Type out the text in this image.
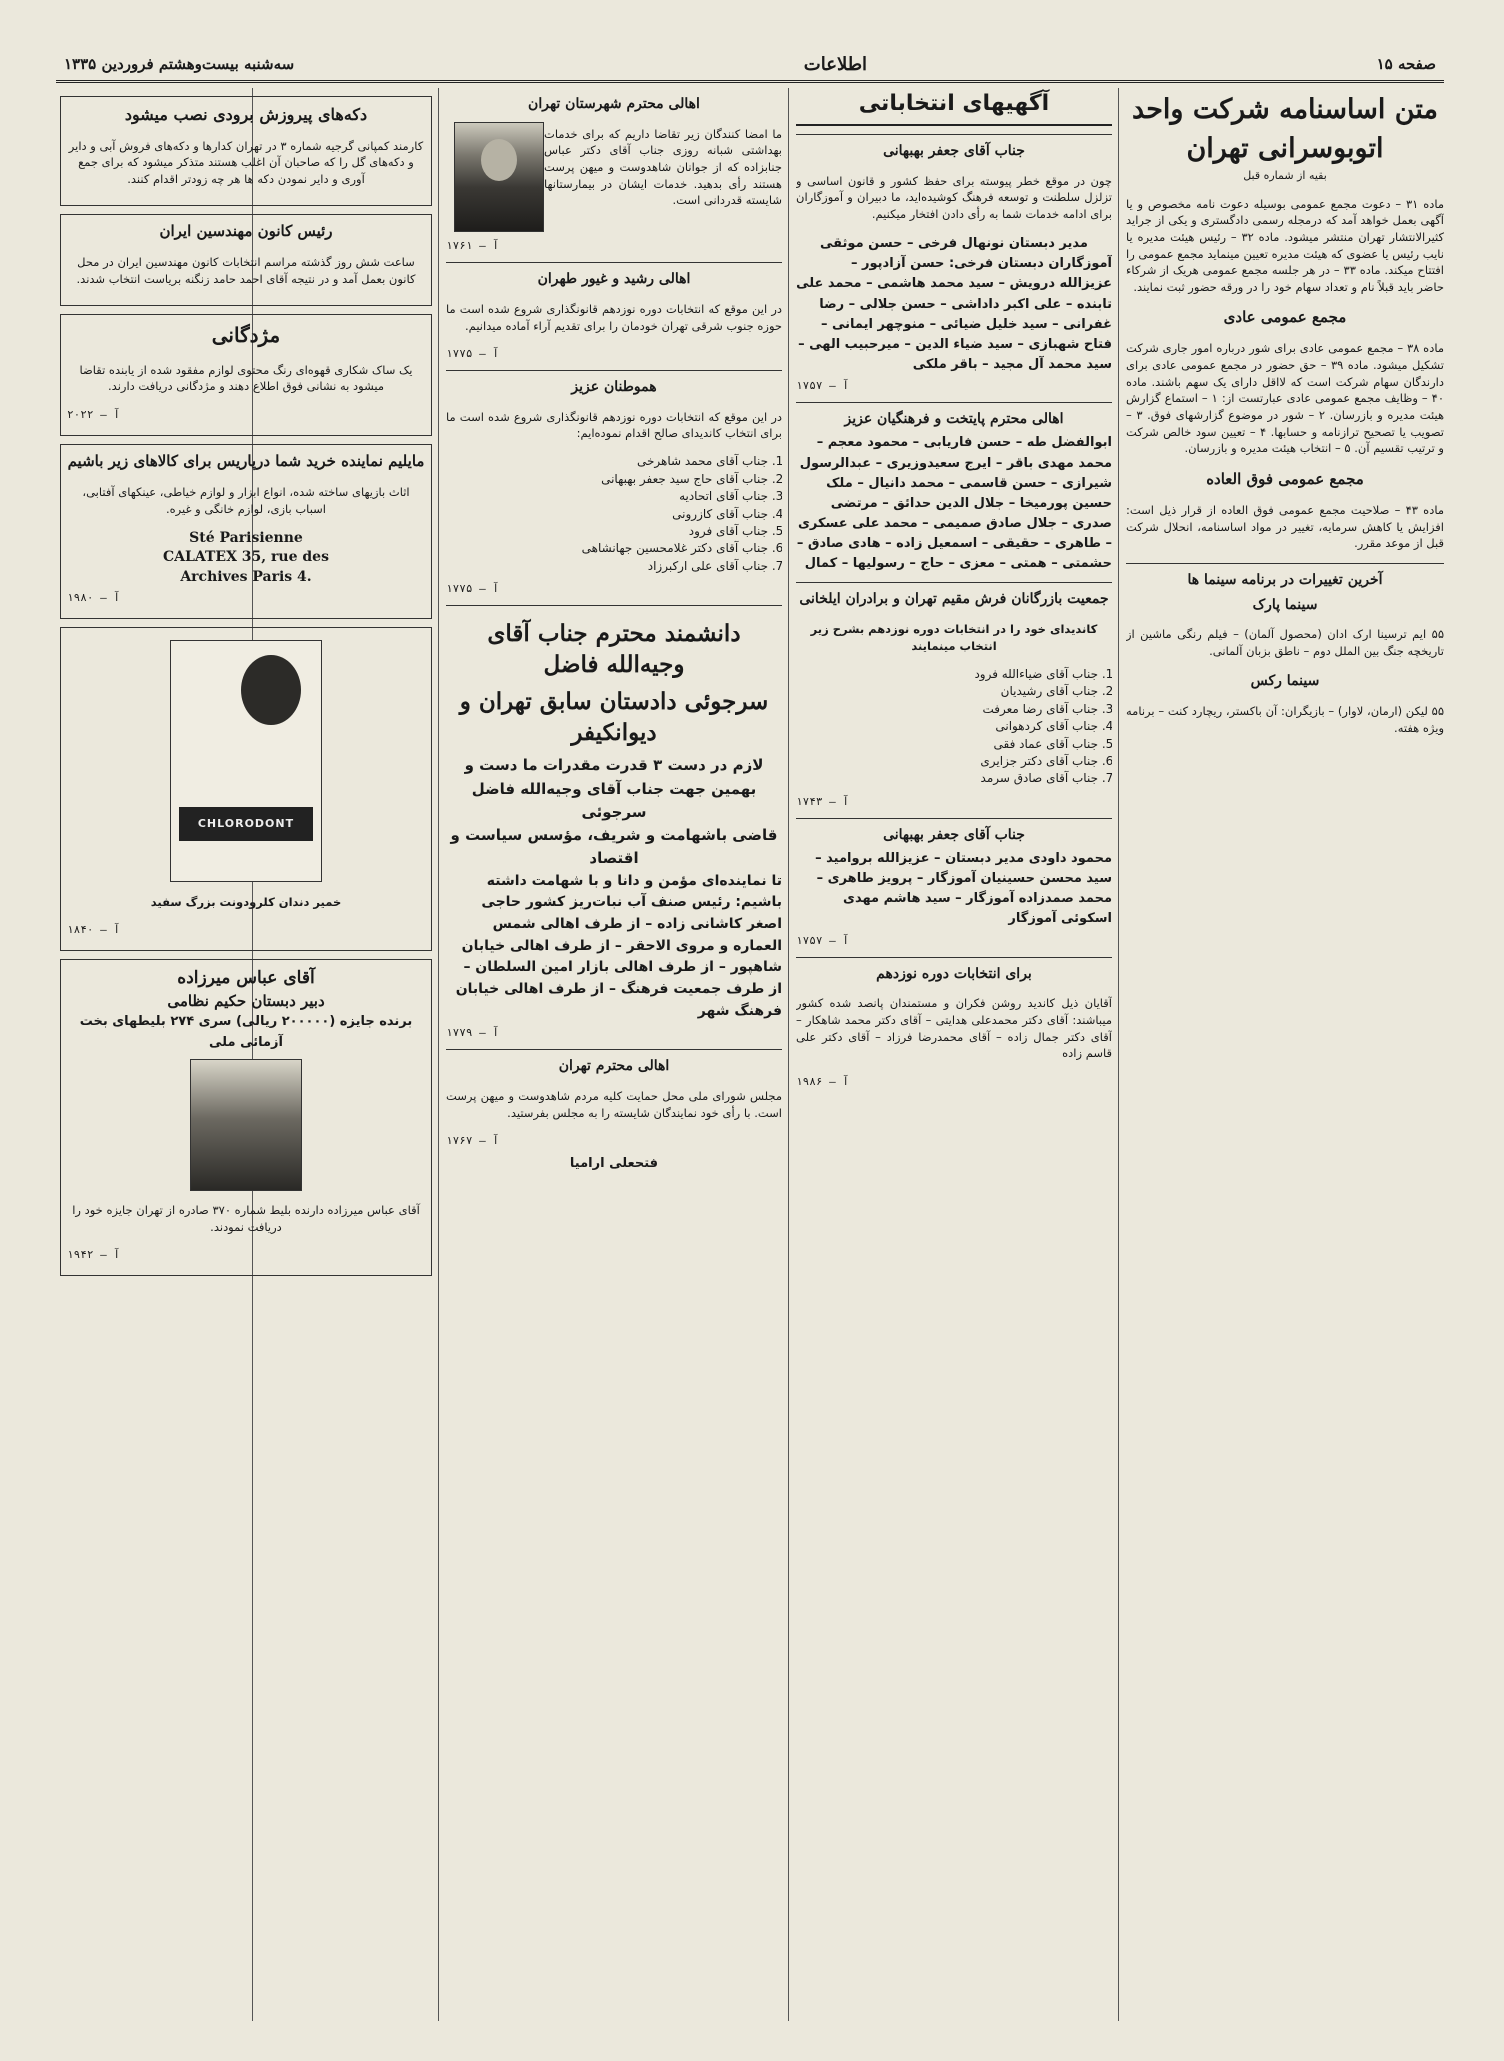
صفحه ۱۵
اطلاعات
سه‌شنبه بیست‌وهشتم فروردین ۱۳۳۵
متن اساسنامه شرکت واحد
اتوبوسرانی تهران
بقیه از شماره قبل

ماده ۳۱ – دعوت مجمع عمومی بوسیله دعوت نامه مخصوص و یا آگهی بعمل خواهد آمد که درمجله رسمی دادگستری و یکی از جراید کثیرالانتشار تهران منتشر میشود. ماده ۳۲ – رئیس هیئت مدیره یا نایب رئیس یا عضوی که هیئت مدیره تعیین مینماید مجمع عمومی را افتتاح میکند. ماده ۳۳ – در هر جلسه مجمع عمومی هریک از شرکاء حاضر باید قبلاً نام و تعداد سهام خود را در ورقه حضور ثبت نمایند.

مجمع عمومی عادی

ماده ۳۸ – مجمع عمومی عادی برای شور درباره امور جاری شرکت تشکیل میشود. ماده ۳۹ – حق حضور در مجمع عمومی عادی برای دارندگان سهام شرکت است که لااقل دارای یک سهم باشند. ماده ۴۰ – وظایف مجمع عمومی عادی عبارتست از: ۱ – استماع گزارش هیئت مدیره و بازرسان. ۲ – شور در موضوع گزارشهای فوق. ۳ – تصویب یا تصحیح ترازنامه و حسابها. ۴ – تعیین سود خالص شرکت و ترتیب تقسیم آن. ۵ – انتخاب هیئت مدیره و بازرسان.

مجمع عمومی فوق العاده

ماده ۴۳ – صلاحیت مجمع عمومی فوق العاده از قرار ذیل است: افزایش یا کاهش سرمایه، تغییر در مواد اساسنامه، انحلال شرکت قبل از موعد مقرر.

آخرین تغییرات در برنامه سینما ها
سینما پارک

۵۵ ایم ترسینا ارک ادان (محصول آلمان) – فیلم رنگی ماشین از تاریخچه جنگ بین الملل دوم – ناطق بزبان آلمانی.

سینما رکس

۵۵ لیکن (ارمان، لاوار) – بازیگران: آن باکستر، ریچارد کنت – برنامه ویژه هفته.

آگهیهای انتخاباتی
جناب آقای جعفر بهبهانی

چون در موقع خطر پیوسته برای حفظ کشور و قانون اساسی و تزلزل سلطنت و توسعه فرهنگ کوشیده‌اید، ما دبیران و آموزگاران برای ادامه خدمات شما به رأی دادن افتخار میکنیم.

مدیر دبستان نونهال فرخی – حسن موثقی
آموزگاران دبستان فرخی: حسن آزادپور – عزیزالله درویش – سید محمد هاشمی – محمد علی تابنده – علی اکبر داداشی – حسن جلالی – رضا غفرانی – سید خلیل ضیائی – منوچهر ایمانی – فتاح شهبازی – سید ضیاء الدین – میرحبیب الهی – سید محمد آل مجید – باقر ملکی
آ – ۱۷۵۷
اهالی محترم پایتخت و فرهنگیان عزیز
ابوالفضل طه – حسن فاریابی – محمود معجم – محمد مهدی باقر – ایرج سعیدوزیری – عبدالرسول شیرازی – حسن قاسمی – محمد دانیال – ملک حسین پورمیخا – جلال الدین حدائق – مرتضی صدری – جلال صادق صمیمی – محمد علی عسکری – طاهری – حقیقی – اسمعیل زاده – هادی صادق – حشمتی – همتی – معزی – حاج – رسولیها – کمال
جمعیت بازرگانان فرش مقیم تهران و برادران ایلخانی

کاندیدای خود را در انتخابات دوره نوزدهم بشرح زیر انتخاب مینمایند

1. جناب آقای ضیاءالله فرود
2. جناب آقای رشیدیان
3. جناب آقای رضا معرفت
4. جناب آقای کردهوانی
5. جناب آقای عماد فقی
6. جناب آقای دکتر جزایری
7. جناب آقای صادق سرمد
آ – ۱۷۴۳
جناب آقای جعفر بهبهانی
محمود داودی مدیر دبستان – عزیزالله بروامید – سید محسن حسینیان آموزگار – پرویز طاهری – محمد صمدزاده آموزگار – سید هاشم مهدی اسکوئی آموزگار
آ – ۱۷۵۷
برای انتخابات دوره نوزدهم

آقایان ذیل کاندید روشن فکران و مستمندان پانصد شده کشور میباشند: آقای دکتر محمدعلی هدایتی – آقای دکتر محمد شاهکار – آقای دکتر جمال زاده – آقای محمدرضا فرزاد – آقای دکتر علی قاسم زاده

آ – ۱۹۸۶
اهالی محترم شهرستان تهران

ما امضا کنندگان زیر تقاضا داریم که برای خدمات بهداشتی شبانه روزی جناب آقای دکتر عباس جنابزاده که از جوانان شاهدوست و میهن پرست هستند رأی بدهید. خدمات ایشان در بیمارستانها شایسته قدردانی است.

آ – ۱۷۶۱
اهالی رشید و غیور طهران

در این موقع که انتخابات دوره نوزدهم قانونگذاری شروع شده است ما حوزه جنوب شرقی تهران خودمان را برای تقدیم آراء آماده میدانیم.

آ – ۱۷۷۵
هموطنان عزیز

در این موقع که انتخابات دوره نوزدهم قانونگذاری شروع شده است ما برای انتخاب کاندیدای صالح اقدام نموده‌ایم:

1. جناب آقای محمد شاهرخی
2. جناب آقای حاج سید جعفر بهبهانی
3. جناب آقای اتحادیه
4. جناب آقای کازرونی
5. جناب آقای فرود
6. جناب آقای دکتر غلامحسین جهانشاهی
7. جناب آقای علی ارکبرزاد
آ – ۱۷۷۵
دانشمند محترم جناب آقای وجیه‌الله فاضل
سرجوئی دادستان سابق تهران و دیوانکیفر
لازم در دست ۳ قدرت مقدرات ما دست و بهمین جهت جناب آقای وجیه‌الله فاضل سرجوئی
قاضی باشهامت و شریف، مؤسس سیاست و اقتصاد
تا نماینده‌ای مؤمن و دانا و با شهامت داشته باشیم: رئیس صنف آب نبات‌ریز کشور حاجی اصغر کاشانی زاده – از طرف اهالی شمس العماره و مروی الاحقر – از طرف اهالی خیابان شاهپور – از طرف اهالی بازار امین السلطان – از طرف جمعیت فرهنگ – از طرف اهالی خیابان فرهنگ شهر
آ – ۱۷۷۹
اهالی محترم تهران

مجلس شورای ملی محل حمایت کلیه مردم شاهدوست و میهن پرست است. با رأی خود نمایندگان شایسته را به مجلس بفرستید.

آ – ۱۷۶۷
فتحعلی ارامیا
دکه‌های پیروزش برودی نصب میشود

کارمند کمپانی گرجیه شماره ۳ در تهران کدارها و دکه‌های فروش آبی و دایر و دکه‌های گل را که صاحبان آن اغلب هستند متذکر میشود که برای جمع آوری و دایر نمودن دکه ها هر چه زودتر اقدام کنند.

رئیس کانون مهندسین ایران

ساعت شش روز گذشته مراسم انتخابات کانون مهندسین ایران در محل کانون بعمل آمد و در نتیجه آقای احمد حامد زنگنه بریاست انتخاب شدند.

مژدگانی

یک ساک شکاری قهوه‌ای رنگ محتوی لوازم مفقود شده از یابنده تقاضا میشود به نشانی فوق اطلاع دهند و مژدگانی دریافت دارند.

آ – ۲۰۲۲
مایلیم نماینده خرید شما درپاریس برای کالاهای زیر باشیم

اثاث بازیهای ساخته شده، انواع ابزار و لوازم خیاطی، عینکهای آفتابی، اسباب بازی، لوازم خانگی و غیره.

Sté Parisienne
CALATEX 35, rue des
Archives Paris 4.
آ – ۱۹۸۰
CHLORODONT

خمیر دندان کلرودونت بزرگ سفید

آ – ۱۸۴۰
آقای عباس میرزاده
دبیر دبستان حکیم نظامی
برنده جایزه (۲۰۰۰۰۰ ریالی) سری ۲۷۴ بلیطهای بخت آزمائی ملی

آقای عباس میرزاده دارنده بلیط شماره ۳۷۰ صادره از تهران جایزه خود را دریافت نمودند.

آ – ۱۹۴۲
